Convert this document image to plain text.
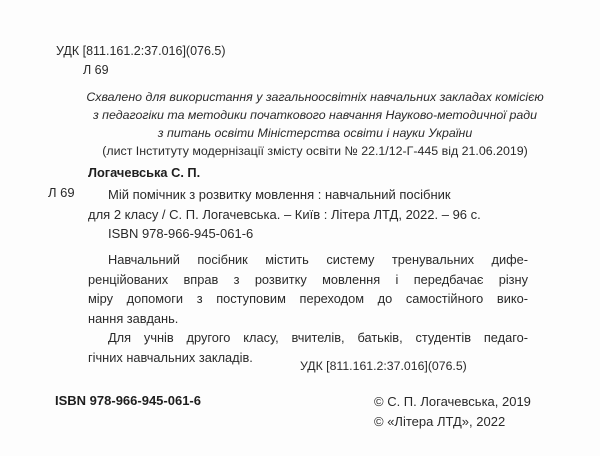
УДК [811.161.2:37.016](076.5)
Л 69
Схвалено для використання у загальноосвітніх навчальних закладах комісією
з педагогіки та методики початкового навчання Науково-методичної ради
з питань освіти Міністерства освіти і науки України
(лист Інституту модернізації змісту освіти № 22.1/12-Г-445 від 21.06.2019)
Логачевська С. П.
Л 69	Мій помічник з розвитку мовлення : навчальний посібник
для 2 класу / С. П. Логачевська. – Київ : Літера ЛТД, 2022. – 96 с.
ISBN 978-966-945-061-6
Навчальний посібник містить систему тренувальних дифе-
ренційованих вправ з розвитку мовлення і передбачає різну
міру допомоги з поступовим переходом до самостійного вико-
нання завдань.
Для учнів другого класу, вчителів, батьків, студентів педаго-
гічних навчальних закладів.
УДК [811.161.2:37.016](076.5)
ISBN 978-966-945-061-6	© С. П. Логачевська, 2019
© «Літера ЛТД», 2022
